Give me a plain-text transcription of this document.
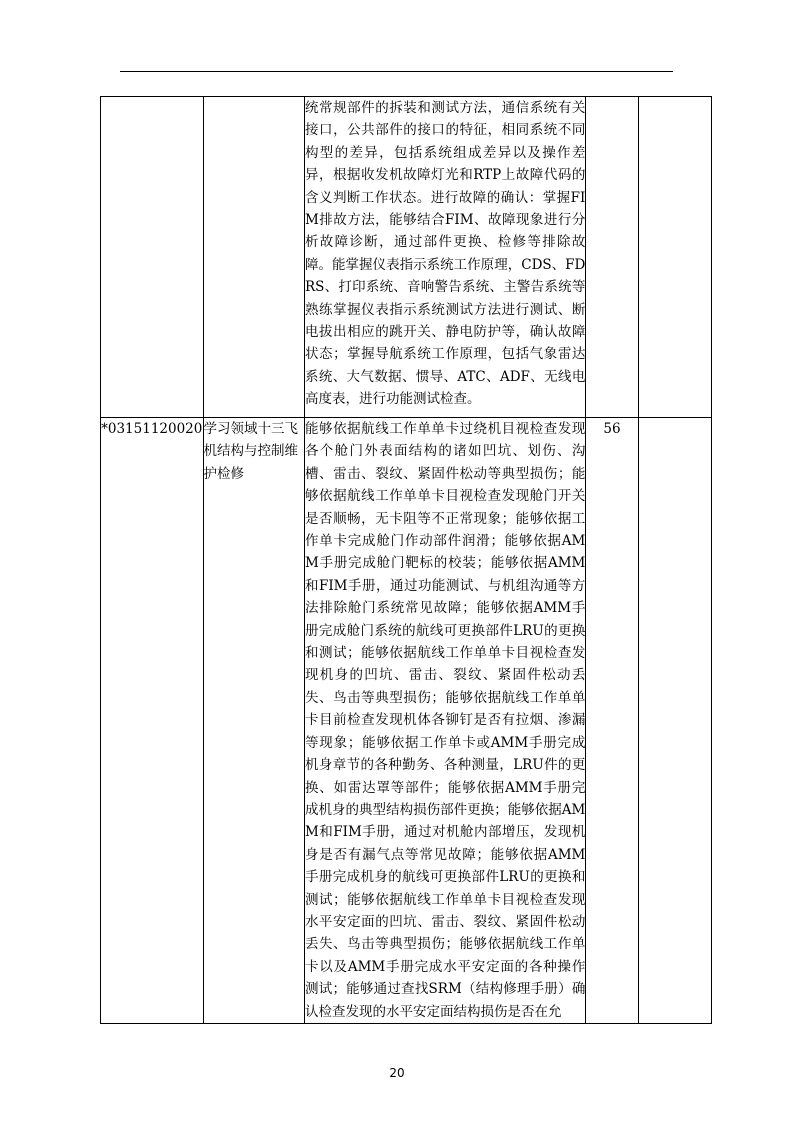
		统常规部件的拆装和测试方法，通信系统有关接口，公共部件的接口的特征，相同系统不同构型的差异，包括系统组成差异以及操作差异，根据收发机故障灯光和RTP上故障代码的含义判断工作状态。进行故障的确认：掌握FIM排故方法，能够结合FIM、故障现象进行分析故障诊断，通过部件更换、检修等排除故障。能掌握仪表指示系统工作原理，CDS、FDRS、打印系统、音响警告系统、主警告系统等熟练掌握仪表指示系统测试方法进行测试、断电拔出相应的跳开关、静电防护等，确认故障状态；掌握导航系统工作原理，包括气象雷达系统、大气数据、惯导、ATC、ADF、无线电高度表，进行功能测试检查。		
*03151120020	学习领域十三飞机结构与控制维护检修	能够依据航线工作单单卡过绕机目视检查发现各个舱门外表面结构的诸如凹坑、划伤、沟槽、雷击、裂纹、紧固件松动等典型损伤；能够依据航线工作单单卡目视检查发现舱门开关是否顺畅，无卡阻等不正常现象；能够依据工作单卡完成舱门作动部件润滑；能够依据AMM手册完成舱门靶标的校装；能够依据AMM和FIM手册，通过功能测试、与机组沟通等方法排除舱门系统常见故障；能够依据AMM手册完成舱门系统的航线可更换部件LRU的更换和测试；能够依据航线工作单单卡目视检查发现机身的凹坑、雷击、裂纹、紧固件松动丢失、鸟击等典型损伤；能够依据航线工作单单卡目前检查发现机体各铆钉是否有拉烟、渗漏等现象；能够依据工作单卡或AMM手册完成机身章节的各种勤务、各种测量，LRU件的更换、如雷达罩等部件；能够依据AMM手册完成机身的典型结构损伤部件更换；能够依据AMM和FIM手册，通过对机舱内部增压，发现机身是否有漏气点等常见故障；能够依据AMM手册完成机身的航线可更换部件LRU的更换和测试；能够依据航线工作单单卡目视检查发现水平安定面的凹坑、雷击、裂纹、紧固件松动丢失、鸟击等典型损伤；能够依据航线工作单卡以及AMM手册完成水平安定面的各种操作测试；能够通过查找SRM（结构修理手册）确认检查发现的水平安定面结构损伤是否在允	56	
20
